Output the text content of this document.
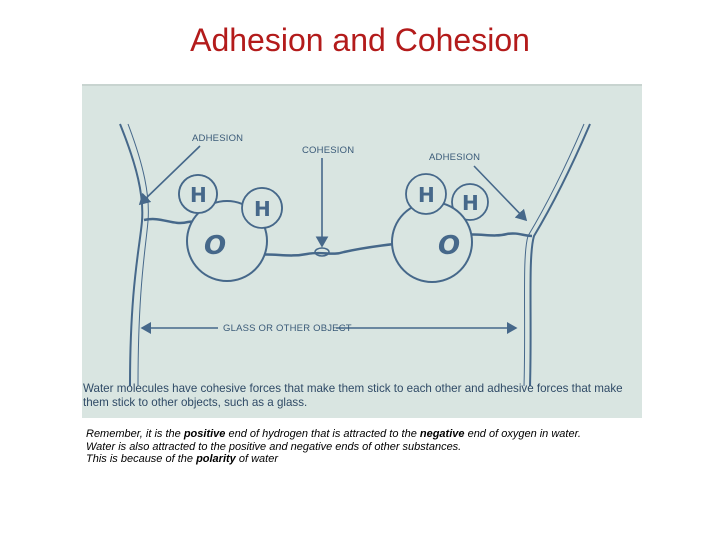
Adhesion and Cohesion
H
H
O
H H
O
ADHESION
COHESION
ADHESION
GLASS OR OTHER OBJECT
Water molecules have cohesive forces that make them stick to each other and adhesive forces that make them stick to other objects, such as a glass.
Remember, it is the positive end of hydrogen that is attracted to the negative end of oxygen in water.
Water is also attracted to the positive and negative ends of other substances.
This is because of the polarity of water
